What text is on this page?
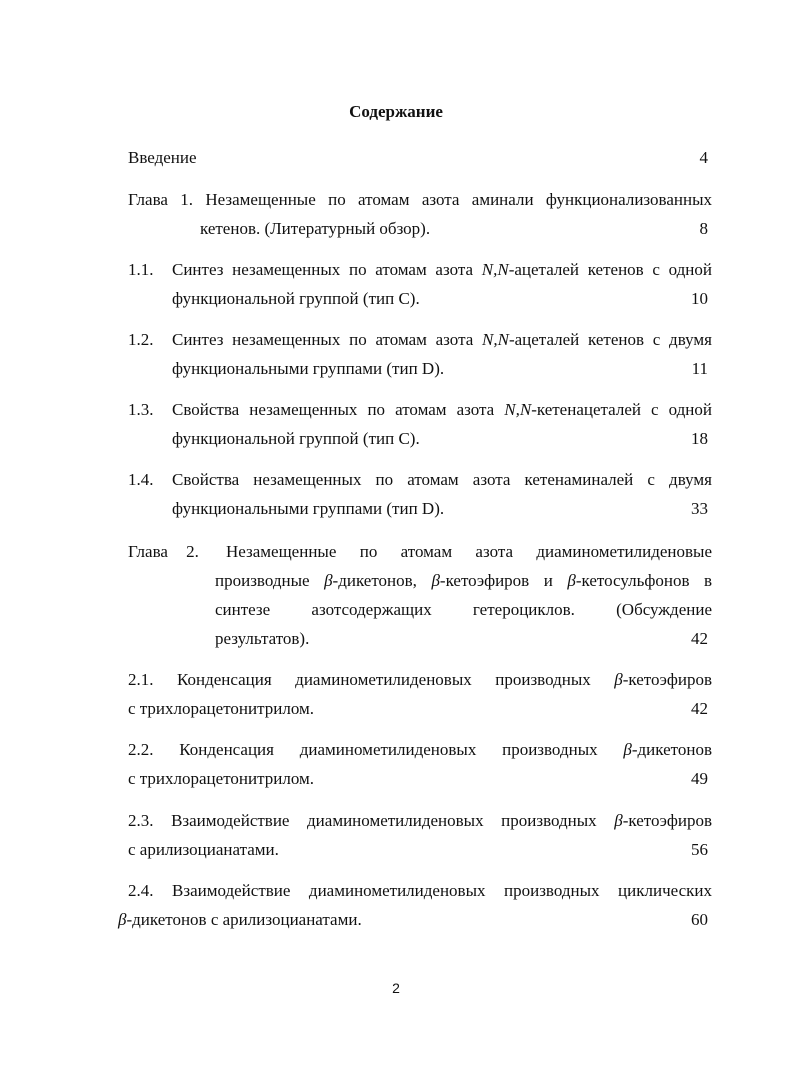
Содержание
Введение	4
Глава 1. Незамещенные по атомам азота аминали функционализованных
кетенов. (Литературный обзор).	8
1.1. Синтез незамещенных по атомам азота N,N-ацеталей кетенов с одной
функциональной группой (тип C).	10
1.2. Синтез незамещенных по атомам азота N,N-ацеталей кетенов с двумя
функциональными группами (тип D).	11
1.3. Свойства незамещенных по атомам азота N,N-кетенацеталей с одной
функциональной группой (тип C).	18
1.4. Свойства незамещенных по атомам азота кетенаминалей с двумя
функциональными группами (тип D).	33
Глава 2. Незамещенные по атомам азота диаминометилиденовые
производные β-дикетонов, β-кетоэфиров и β-кетосульфонов в
синтезе азотсодержащих гетероциклов. (Обсуждение
результатов).	42
2.1. Конденсация диаминометилиденовых производных β-кетоэфиров
с трихлорацетонитрилом.	42
2.2. Конденсация диаминометилиденовых производных β-дикетонов
с трихлорацетонитрилом.	49
2.3. Взаимодействие диаминометилиденовых производных β-кетоэфиров
с арилизоцианатами.	56
2.4. Взаимодействие диаминометилиденовых производных циклических
β-дикетонов с арилизоцианатами.	60
2
